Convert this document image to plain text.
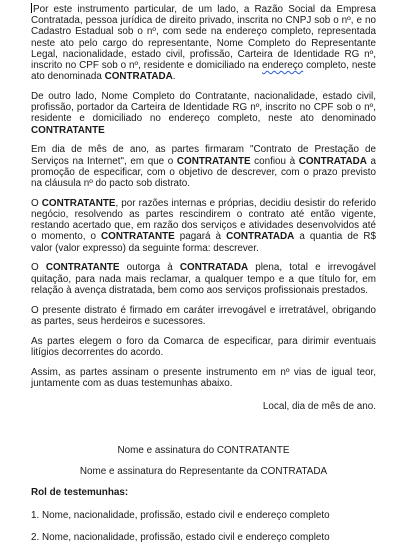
Por este instrumento particular, de um lado, a Razão Social da Empresa Contratada, pessoa jurídica de direito privado, inscrita no CNPJ sob o nº, e no Cadastro Estadual sob o nº, com sede na endereço completo, representada neste ato pelo cargo do representante, Nome Completo do Representante Legal, nacionalidade, estado civil, profissão, Carteira de Identidade RG nº, inscrito no CPF sob o nº, residente e domiciliado na endereço completo, neste ato denominada CONTRATADA.

De outro lado, Nome Completo do Contratante, nacionalidade, estado civil, profissão, portador da Carteira de Identidade RG nº, inscrito no CPF sob o nº, residente e domiciliado no endereço completo, neste ato denominado CONTRATANTE

Em dia de mês de ano, as partes firmaram "Contrato de Prestação de Serviços na Internet", em que o CONTRATANTE confiou à CONTRATADA a promoção de especificar, com o objetivo de descrever, com o prazo previsto na cláusula nº do pacto sob distrato.

O CONTRATANTE, por razões internas e próprias, decidiu desistir do referido negócio, resolvendo as partes rescindirem o contrato até então vigente, restando acertado que, em razão dos serviços e atividades desenvolvidos até o momento, o CONTRATANTE pagará à CONTRATADA a quantia de R$ valor (valor expresso) da seguinte forma: descrever.

O CONTRATANTE outorga à CONTRATADA plena, total e irrevogável quitação, para nada mais reclamar, a qualquer tempo e a que título for, em relação à avença distratada, bem como aos serviços profissionais prestados.

O presente distrato é firmado em caráter irrevogável e irretratável, obrigando as partes, seus herdeiros e sucessores.

As partes elegem o foro da Comarca de especificar, para dirimir eventuais litígios decorrentes do acordo.

Assim, as partes assinam o presente instrumento em nº vias de igual teor, juntamente com as duas testemunhas abaixo.

Local, dia de mês de ano.

Nome e assinatura do CONTRATANTE

Nome e assinatura do Representante da CONTRATADA

Rol de testemunhas:

1. Nome, nacionalidade, profissão, estado civil e endereço completo

2. Nome, nacionalidade, profissão, estado civil e endereço completo
